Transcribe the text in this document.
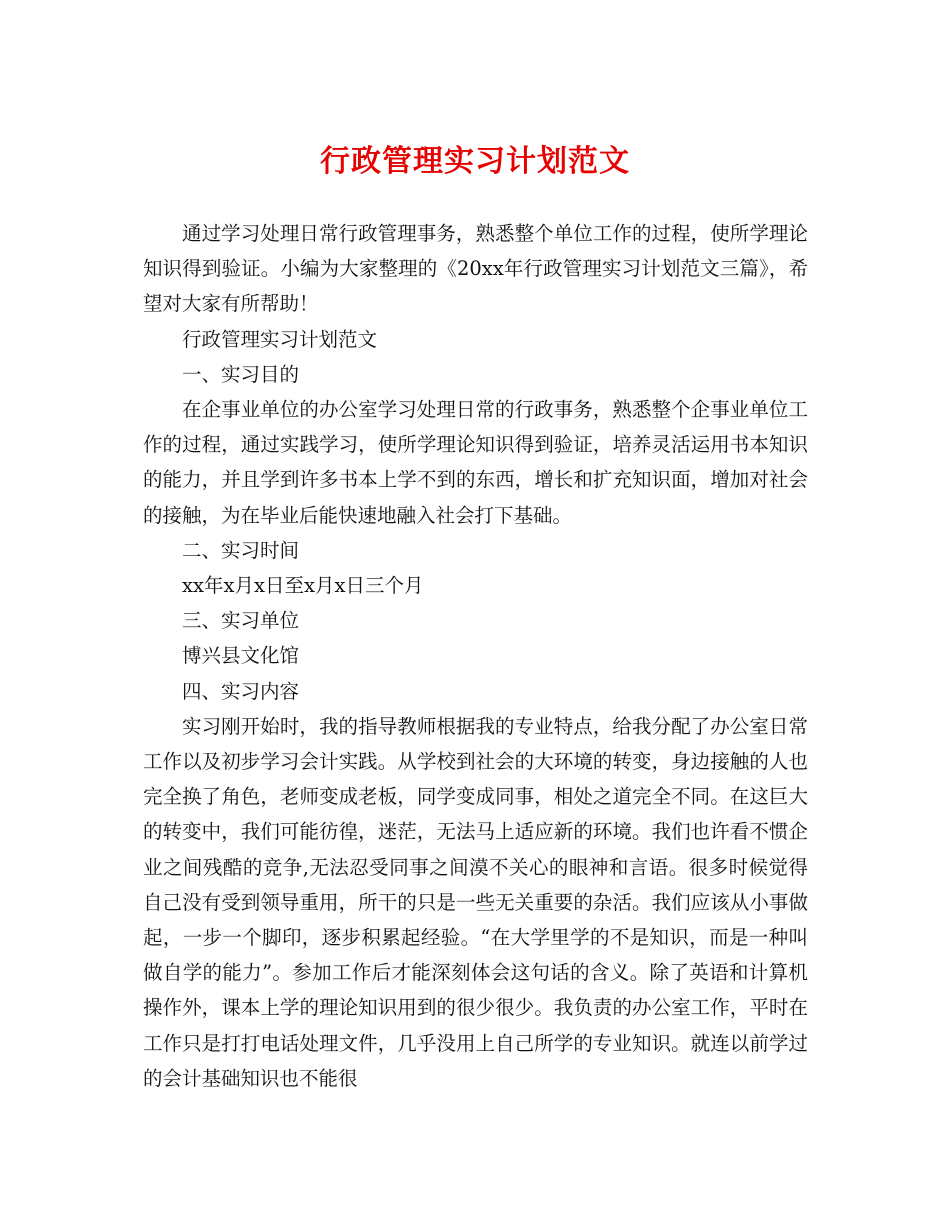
行政管理实习计划范文

通过学习处理日常行政管理事务，熟悉整个单位工作的过程，使所学理论知识得到验证。小编为大家整理的《20xx年行政管理实习计划范文三篇》，希望对大家有所帮助！

行政管理实习计划范文

一、实习目的

在企事业单位的办公室学习处理日常的行政事务，熟悉整个企事业单位工作的过程，通过实践学习，使所学理论知识得到验证，培养灵活运用书本知识的能力，并且学到许多书本上学不到的东西，增长和扩充知识面，增加对社会的接触，为在毕业后能快速地融入社会打下基础。

二、实习时间

xx年x月x日至x月x日三个月

三、实习单位

博兴县文化馆

四、实习内容

实习刚开始时，我的指导教师根据我的专业特点，给我分配了办公室日常工作以及初步学习会计实践。从学校到社会的大环境的转变，身边接触的人也完全换了角色，老师变成老板，同学变成同事，相处之道完全不同。在这巨大的转变中，我们可能彷徨，迷茫，无法马上适应新的环境。我们也许看不惯企业之间残酷的竞争,无法忍受同事之间漠不关心的眼神和言语。很多时候觉得自己没有受到领导重用，所干的只是一些无关重要的杂活。我们应该从小事做起，一步一个脚印，逐步积累起经验。“在大学里学的不是知识，而是一种叫做自学的能力”。参加工作后才能深刻体会这句话的含义。除了英语和计算机操作外，课本上学的理论知识用到的很少很少。我负责的办公室工作，平时在工作只是打打电话处理文件，几乎没用上自己所学的专业知识。就连以前学过的会计基础知识也不能很
